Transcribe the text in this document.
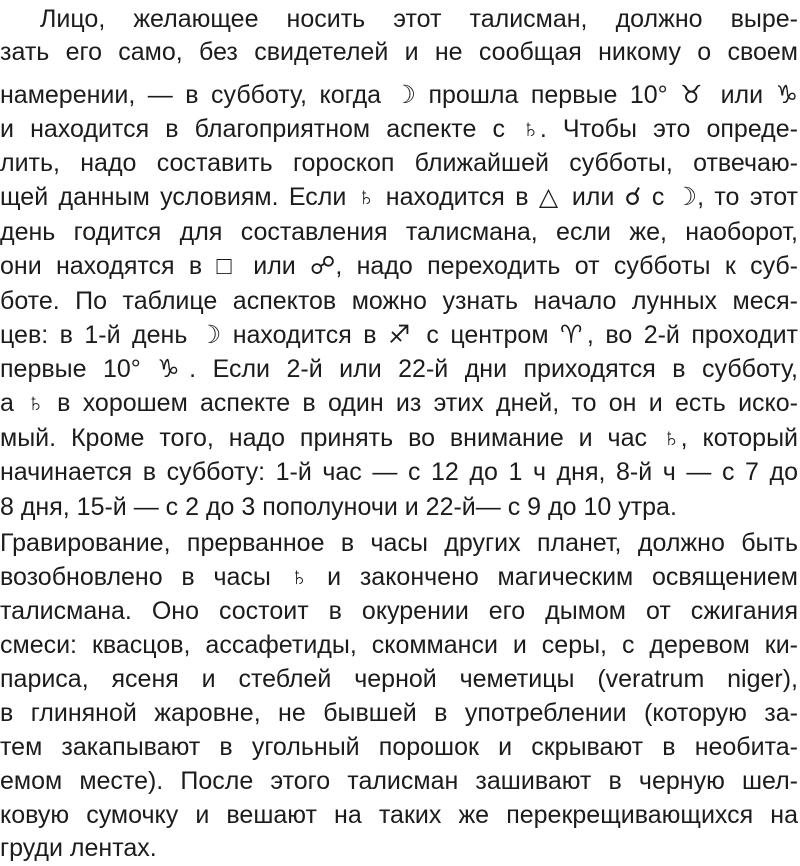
Лицо, желающее носить этот талисман, должно выре-
зать его само, без свидетелей и не сообщая никому о своем
намерении, — в субботу, когда ☽ прошла первые 10° ♉ или ♑
и находится в благоприятном аспекте с ♄. Чтобы это опреде-
лить, надо составить гороскоп ближайшей субботы, отвечаю-
щей данным условиям. Если ♄ находится в △ или ☌ с ☽, то этот
день годится для составления талисмана, если же, наоборот,
они находятся в □ или ☍, надо переходить от субботы к суб-
боте. По таблице аспектов можно узнать начало лунных меся-
цев: в 1-й день ☽ находится в ♐ с центром ♈, во 2-й проходит
первые 10° ♑. Если 2-й или 22-й дни приходятся в субботу,
а ♄ в хорошем аспекте в один из этих дней, то он и есть иско-
мый. Кроме того, надо принять во внимание и час ♄, который
начинается в субботу: 1-й час — с 12 до 1 ч дня, 8-й ч — с 7 до
8 дня, 15-й — с 2 до 3 пополуночи и 22-й— с 9 до 10 утра.
Гравирование, прерванное в часы других планет, должно быть
возобновлено в часы ♄ и закончено магическим освящением
талисмана. Оно состоит в окурении его дымом от сжигания
смеси: квасцов, ассафетиды, скомманси и серы, с деревом ки-
париса, ясеня и стеблей черной чеметицы (veratrum niger),
в глиняной жаровне, не бывшей в употреблении (которую за-
тем закапывают в угольный порошок и скрывают в необита-
емом месте). После этого талисман зашивают в черную шел-
ковую сумочку и вешают на таких же перекрещивающихся на
груди лентах.
